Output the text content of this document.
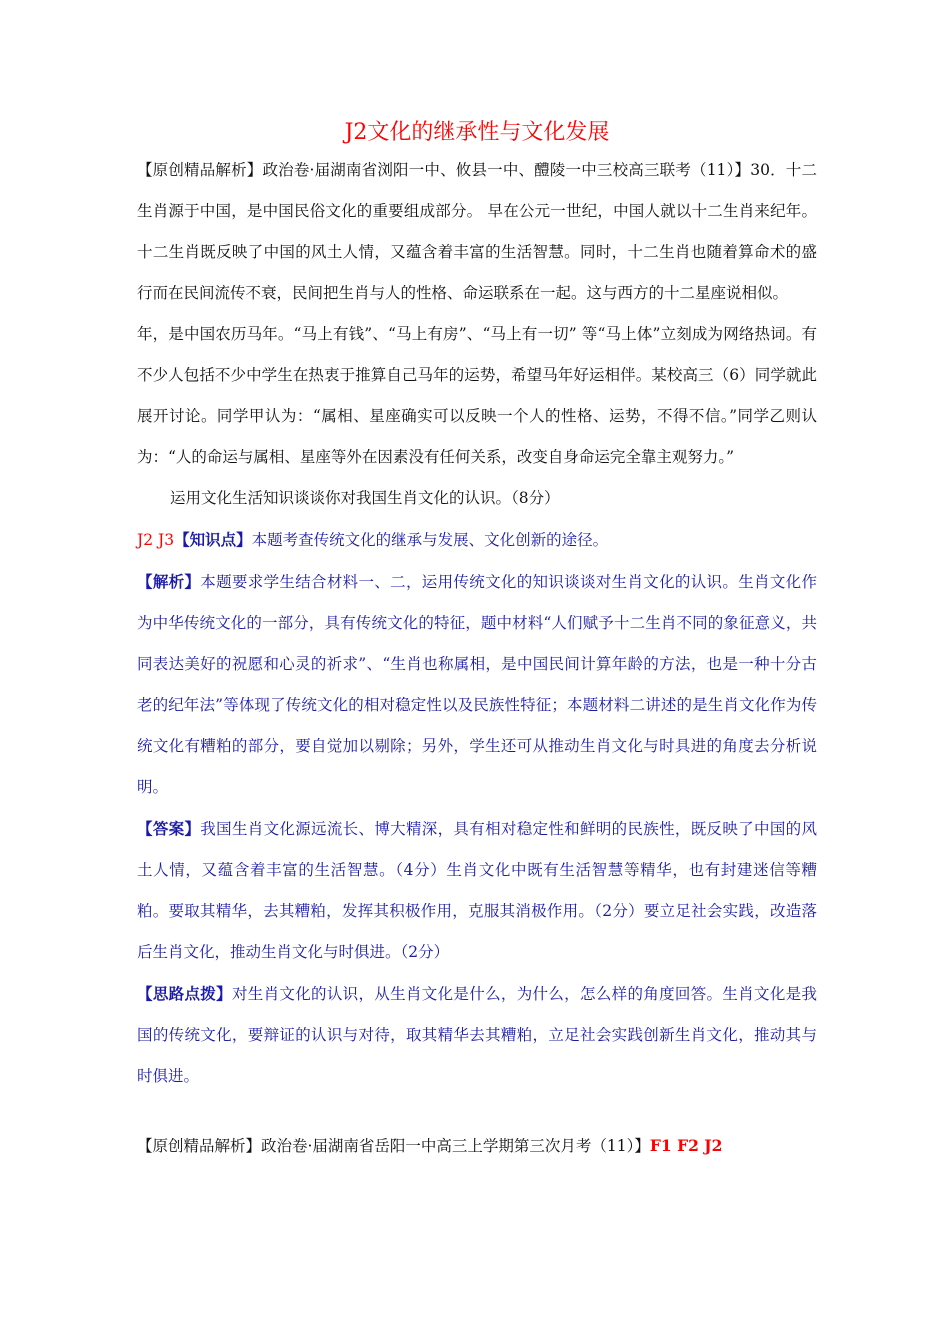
J2文化的继承性与文化发展

【原创精品解析】政治卷·届湖南省浏阳一中、攸县一中、醴陵一中三校高三联考（11）】30．十二生肖源于中国，是中国民俗文化的重要组成部分。 早在公元一世纪，中国人就以十二生肖来纪年。十二生肖既反映了中国的风土人情，又蕴含着丰富的生活智慧。同时，十二生肖也随着算命术的盛行而在民间流传不衰，民间把生肖与人的性格、命运联系在一起。这与西方的十二星座说相似。

年，是中国农历马年。“马上有钱”、“马上有房”、“马上有一切” 等“马上体”立刻成为网络热词。有不少人包括不少中学生在热衷于推算自己马年的运势，希望马年好运相伴。某校高三（6）同学就此展开讨论。同学甲认为：“属相、星座确实可以反映一个人的性格、运势，不得不信。”同学乙则认为：“人的命运与属相、星座等外在因素没有任何关系，改变自身命运完全靠主观努力。”

运用文化生活知识谈谈你对我国生肖文化的认识。（8分）

J2 J3【知识点】本题考查传统文化的继承与发展、文化创新的途径。

【解析】本题要求学生结合材料一、二，运用传统文化的知识谈谈对生肖文化的认识。生肖文化作为中华传统文化的一部分，具有传统文化的特征，题中材料“人们赋予十二生肖不同的象征意义，共同表达美好的祝愿和心灵的祈求”、“生肖也称属相，是中国民间计算年龄的方法，也是一种十分古老的纪年法”等体现了传统文化的相对稳定性以及民族性特征；本题材料二讲述的是生肖文化作为传统文化有糟粕的部分，要自觉加以剔除；另外，学生还可从推动生肖文化与时具进的角度去分析说明。

【答案】我国生肖文化源远流长、博大精深，具有相对稳定性和鲜明的民族性，既反映了中国的风土人情，又蕴含着丰富的生活智慧。（4分）生肖文化中既有生活智慧等精华，也有封建迷信等糟粕。要取其精华，去其糟粕，发挥其积极作用，克服其消极作用。（2分）要立足社会实践，改造落后生肖文化，推动生肖文化与时俱进。（2分）

【思路点拨】对生肖文化的认识，从生肖文化是什么，为什么，怎么样的角度回答。生肖文化是我国的传统文化，要辩证的认识与对待，取其精华去其糟粕，立足社会实践创新生肖文化，推动其与时俱进。

【原创精品解析】政治卷·届湖南省岳阳一中高三上学期第三次月考（11）】F1 F2 J2
